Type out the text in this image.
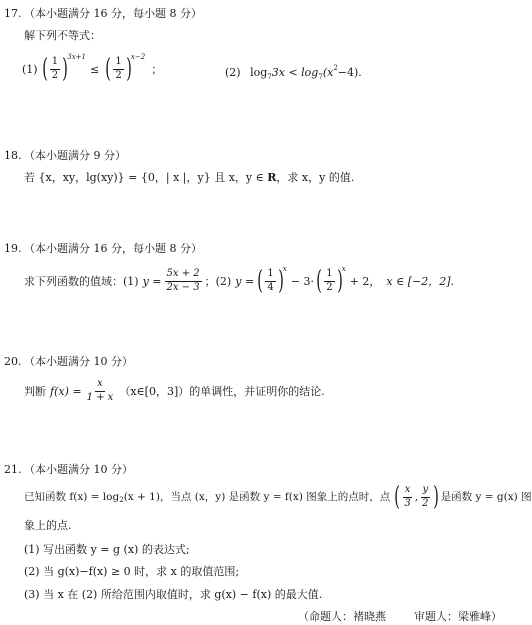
17. （本小题满分 16 分，每小题 8 分）
解下列不等式：
(1) ( $\frac{1}{2}$ ) 3x+1
≤ ( $\frac{1}{2}$ ) x−2
；	(2) $\log_73x < \log_7(x^2-4)$.
18. （本小题满分 9 分）
若 {x，xy，lg(xy)} = {0，| x |，y} 且 x，y ∈ R，求 x，y 的值.
19. （本小题满分 16 分，每小题 8 分）
求下列函数的值域：(1) $y = \frac{5x + 2}{2x - 3}$ ；(2) y = ( $\frac{1}{4}$ ) x
− 3· ( $\frac{1}{2}$ ) x
+ 2， x ∈ [−2，2].
20. （本小题满分 10 分）
判断 $f(x) = \frac{x}{1 + x}$ （x∈[0，3]）的单调性，并证明你的结论.
21. （本小题满分 10 分）
已知函数 f(x) = log 2 (x + 1)，当点 (x，y) 是函数 y = f(x) 图象上的点时，点 ( $\frac{x}{3}$ , $\frac{y}{2}$ ) 是函数 y = g(x) 图
象上的点.
(1) 写出函数 y = g (x) 的表达式;
(2) 当 g(x)−f(x) ≥ 0 时，求 x 的取值范围;
(3) 当 x 在 (2) 所给范围内取值时，求 g(x) − f(x) 的最大值.
（命题人：褚晓燕	审题人：梁雅峰）
